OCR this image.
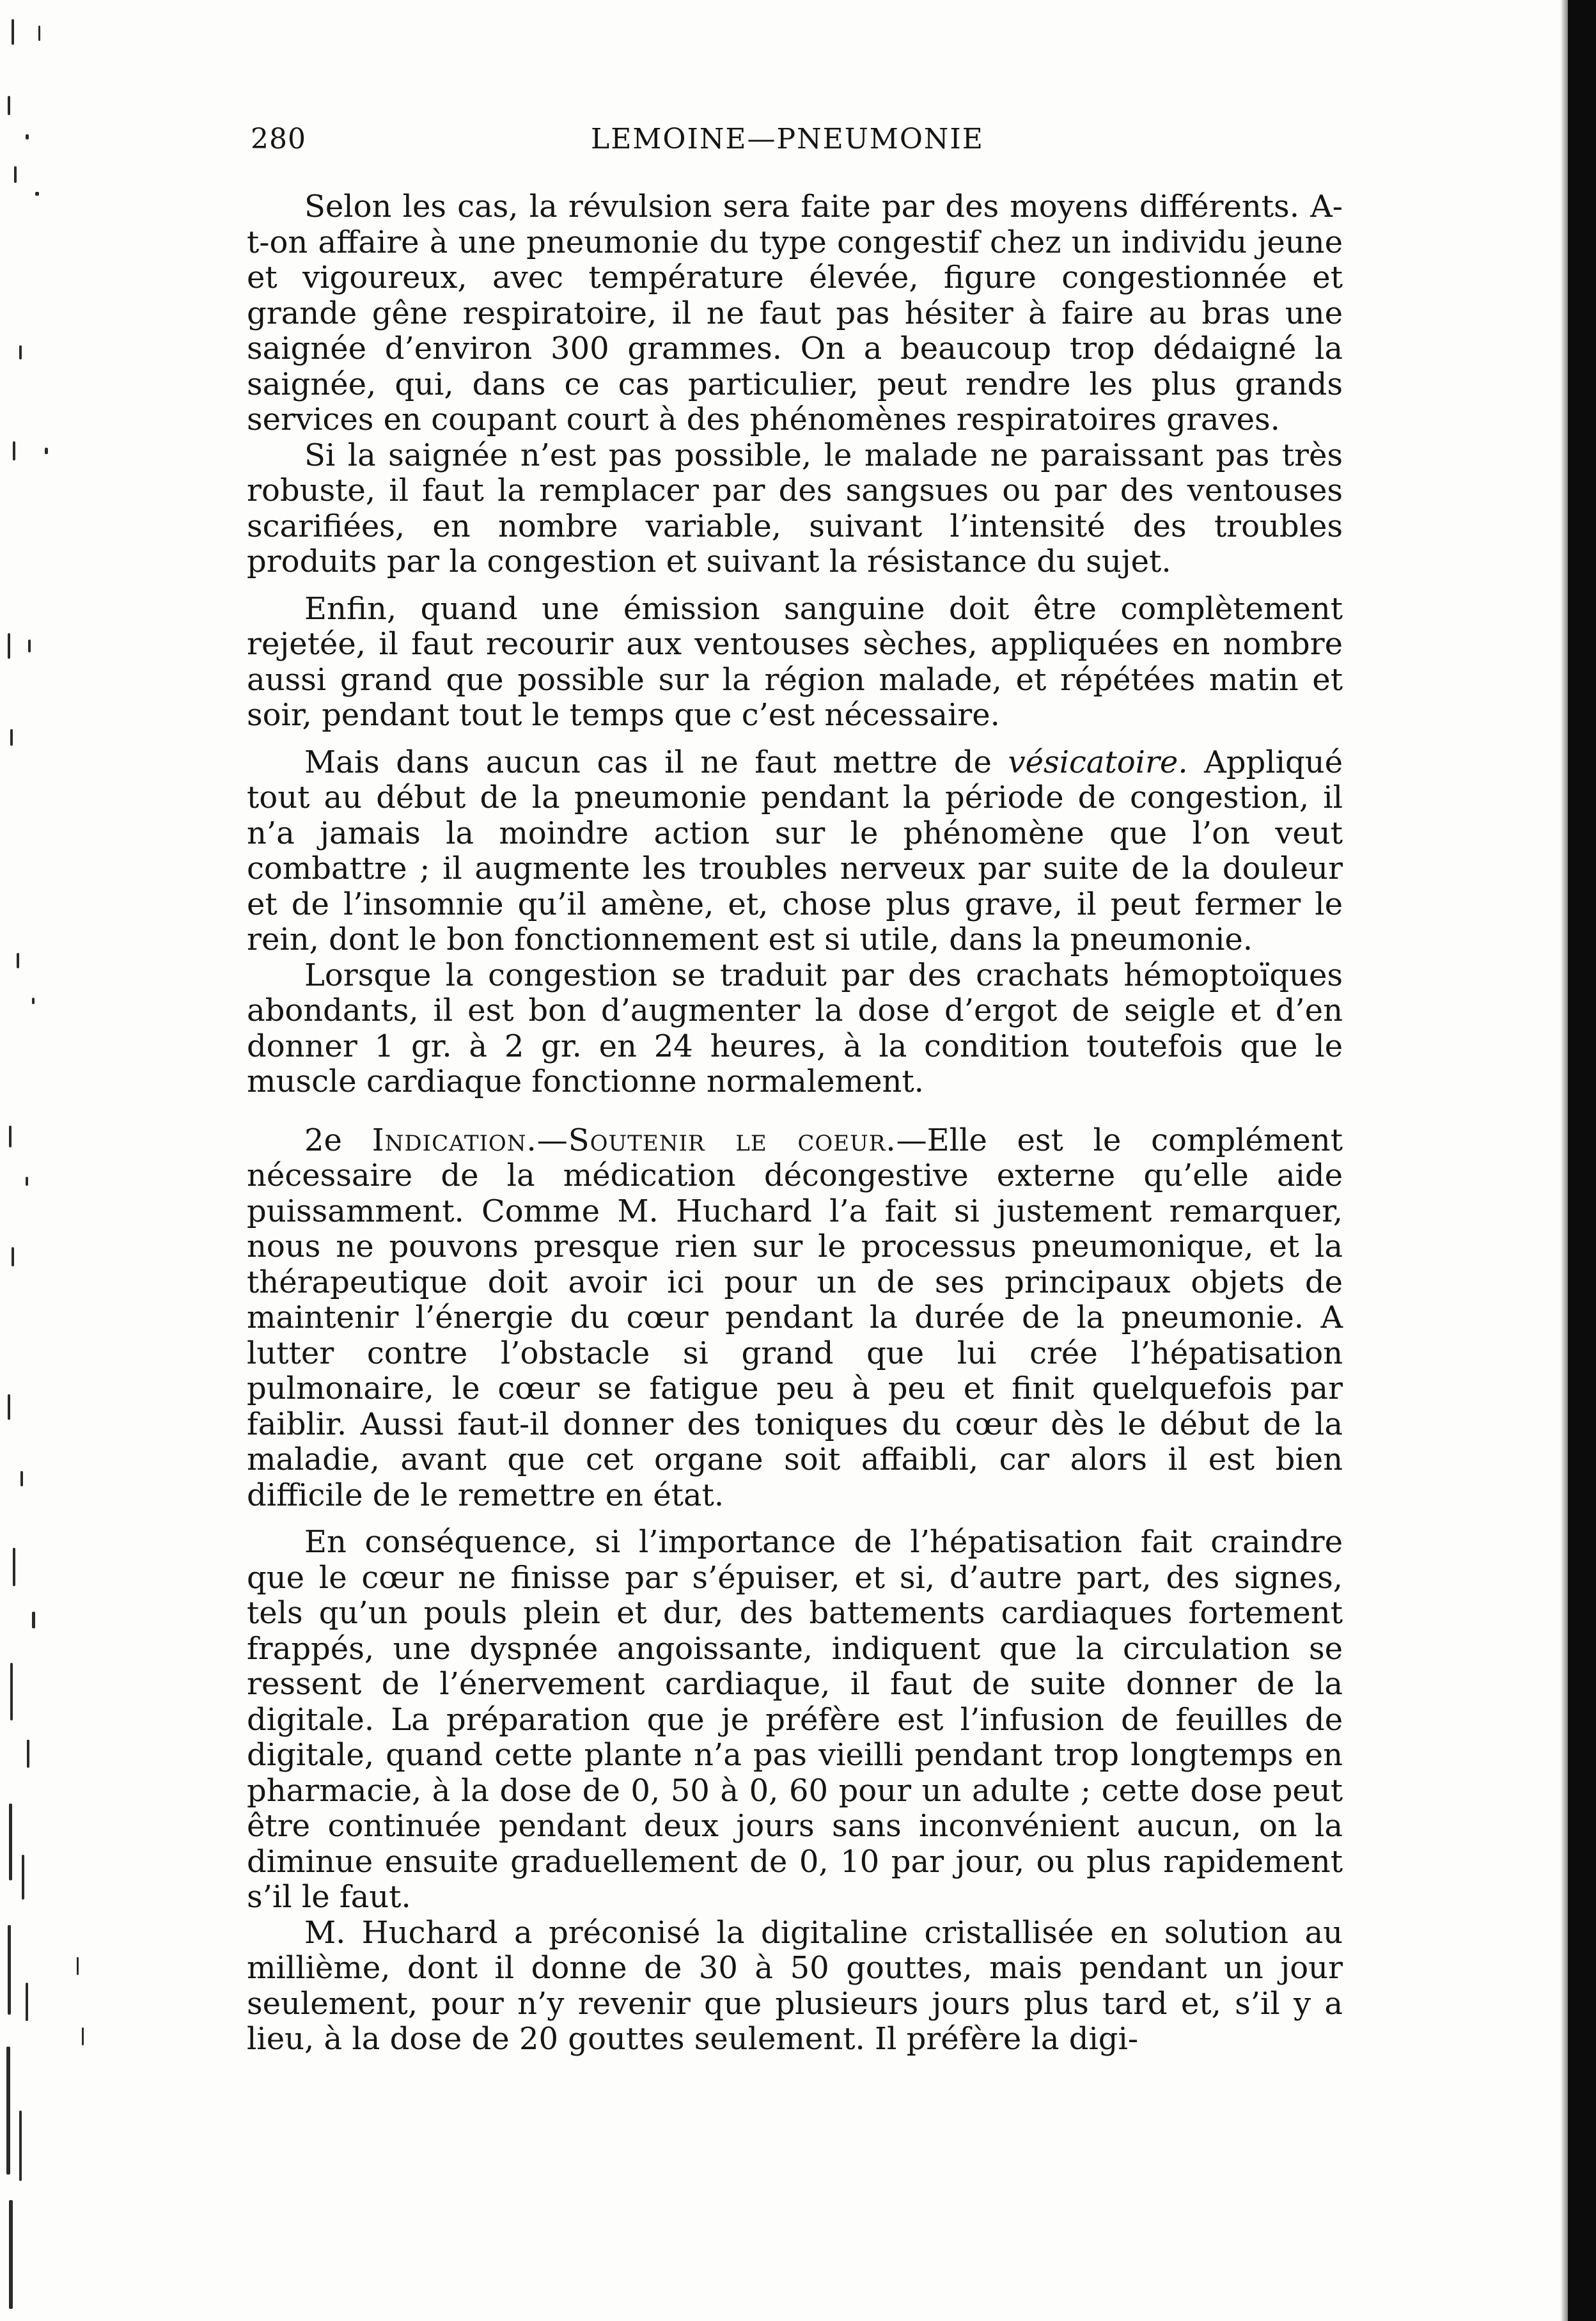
280	LEMOINE—PNEUMONIE

Selon les cas, la révulsion sera faite par des moyens différents. A-t-on affaire à une pneumonie du type congestif chez un individu jeune et vigoureux, avec température élevée, figure congestionnée et grande gêne respiratoire, il ne faut pas hésiter à faire au bras une saignée d’environ 300 grammes. On a beaucoup trop dédaigné la saignée, qui, dans ce cas particulier, peut rendre les plus grands services en coupant court à des phénomènes respiratoires graves.

Si la saignée n’est pas possible, le malade ne paraissant pas très robuste, il faut la remplacer par des sangsues ou par des ventouses scarifiées, en nombre variable, suivant l’intensité des troubles produits par la congestion et suivant la résistance du sujet.

Enfin, quand une émission sanguine doit être complètement rejetée, il faut recourir aux ventouses sèches, appliquées en nombre aussi grand que possible sur la région malade, et répétées matin et soir, pendant tout le temps que c’est nécessaire.

Mais dans aucun cas il ne faut mettre de vésicatoire. Appliqué tout au début de la pneumonie pendant la période de congestion, il n’a jamais la moindre action sur le phénomène que l’on veut combattre ; il augmente les troubles nerveux par suite de la douleur et de l’insomnie qu’il amène, et, chose plus grave, il peut fermer le rein, dont le bon fonctionnement est si utile, dans la pneumonie.

Lorsque la congestion se traduit par des crachats hémoptoïques abondants, il est bon d’augmenter la dose d’ergot de seigle et d’en donner 1 gr. à 2 gr. en 24 heures, à la condition toutefois que le muscle cardiaque fonctionne normalement.

2e Indication.—Soutenir le coeur.—Elle est le complément nécessaire de la médication décongestive externe qu’elle aide puissamment. Comme M. Huchard l’a fait si justement remarquer, nous ne pouvons presque rien sur le processus pneumonique, et la thérapeutique doit avoir ici pour un de ses principaux objets de maintenir l’énergie du cœur pendant la durée de la pneumonie. A lutter contre l’obstacle si grand que lui crée l’hépatisation pulmonaire, le cœur se fatigue peu à peu et finit quelquefois par faiblir. Aussi faut-il donner des toniques du cœur dès le début de la maladie, avant que cet organe soit affaibli, car alors il est bien difficile de le remettre en état.

En conséquence, si l’importance de l’hépatisation fait craindre que le cœur ne finisse par s’épuiser, et si, d’autre part, des signes, tels qu’un pouls plein et dur, des battements cardiaques fortement frappés, une dyspnée angoissante, indiquent que la circulation se ressent de l’énervement cardiaque, il faut de suite donner de la digitale. La préparation que je préfère est l’infusion de feuilles de digitale, quand cette plante n’a pas vieilli pendant trop longtemps en pharmacie, à la dose de 0, 50 à 0, 60 pour un adulte ; cette dose peut être continuée pendant deux jours sans inconvénient aucun, on la diminue ensuite graduellement de 0, 10 par jour, ou plus rapidement s’il le faut.

M. Huchard a préconisé la digitaline cristallisée en solution au millième, dont il donne de 30 à 50 gouttes, mais pendant un jour seulement, pour n’y revenir que plusieurs jours plus tard et, s’il y a lieu, à la dose de 20 gouttes seulement. Il préfère la digi-
